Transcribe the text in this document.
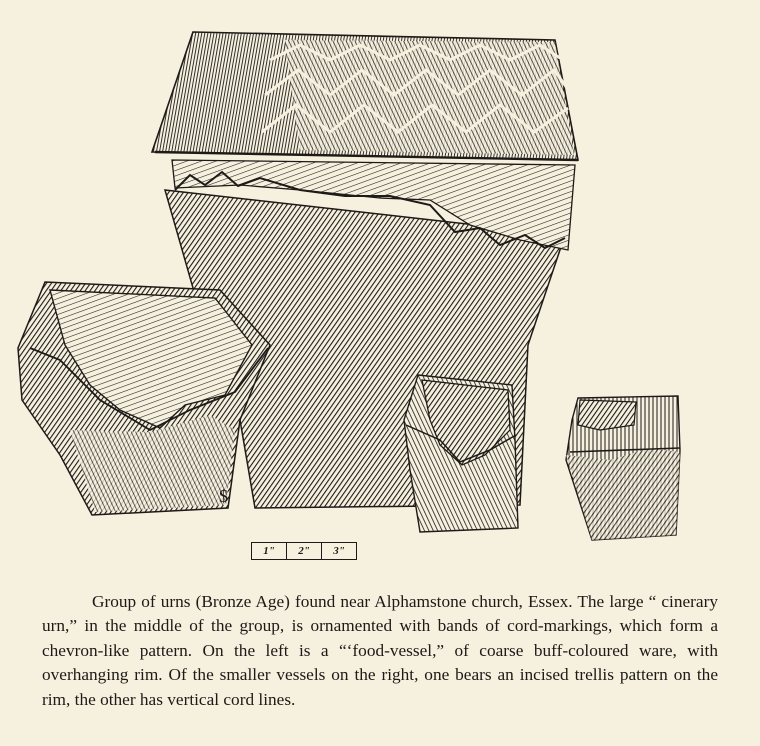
$
1"	2"	3"

Group of urns (Bronze Age) found near Alphamstone church, Essex. The large “ cinerary urn,” in the middle of the group, is ornamented with bands of cord-markings, which form a chevron-like pattern. On the left is a “‘food-vessel,” of coarse buff-coloured ware, with overhanging rim. Of the smaller vessels on the right, one bears an incised trellis pattern on the rim, the other has vertical cord lines.
